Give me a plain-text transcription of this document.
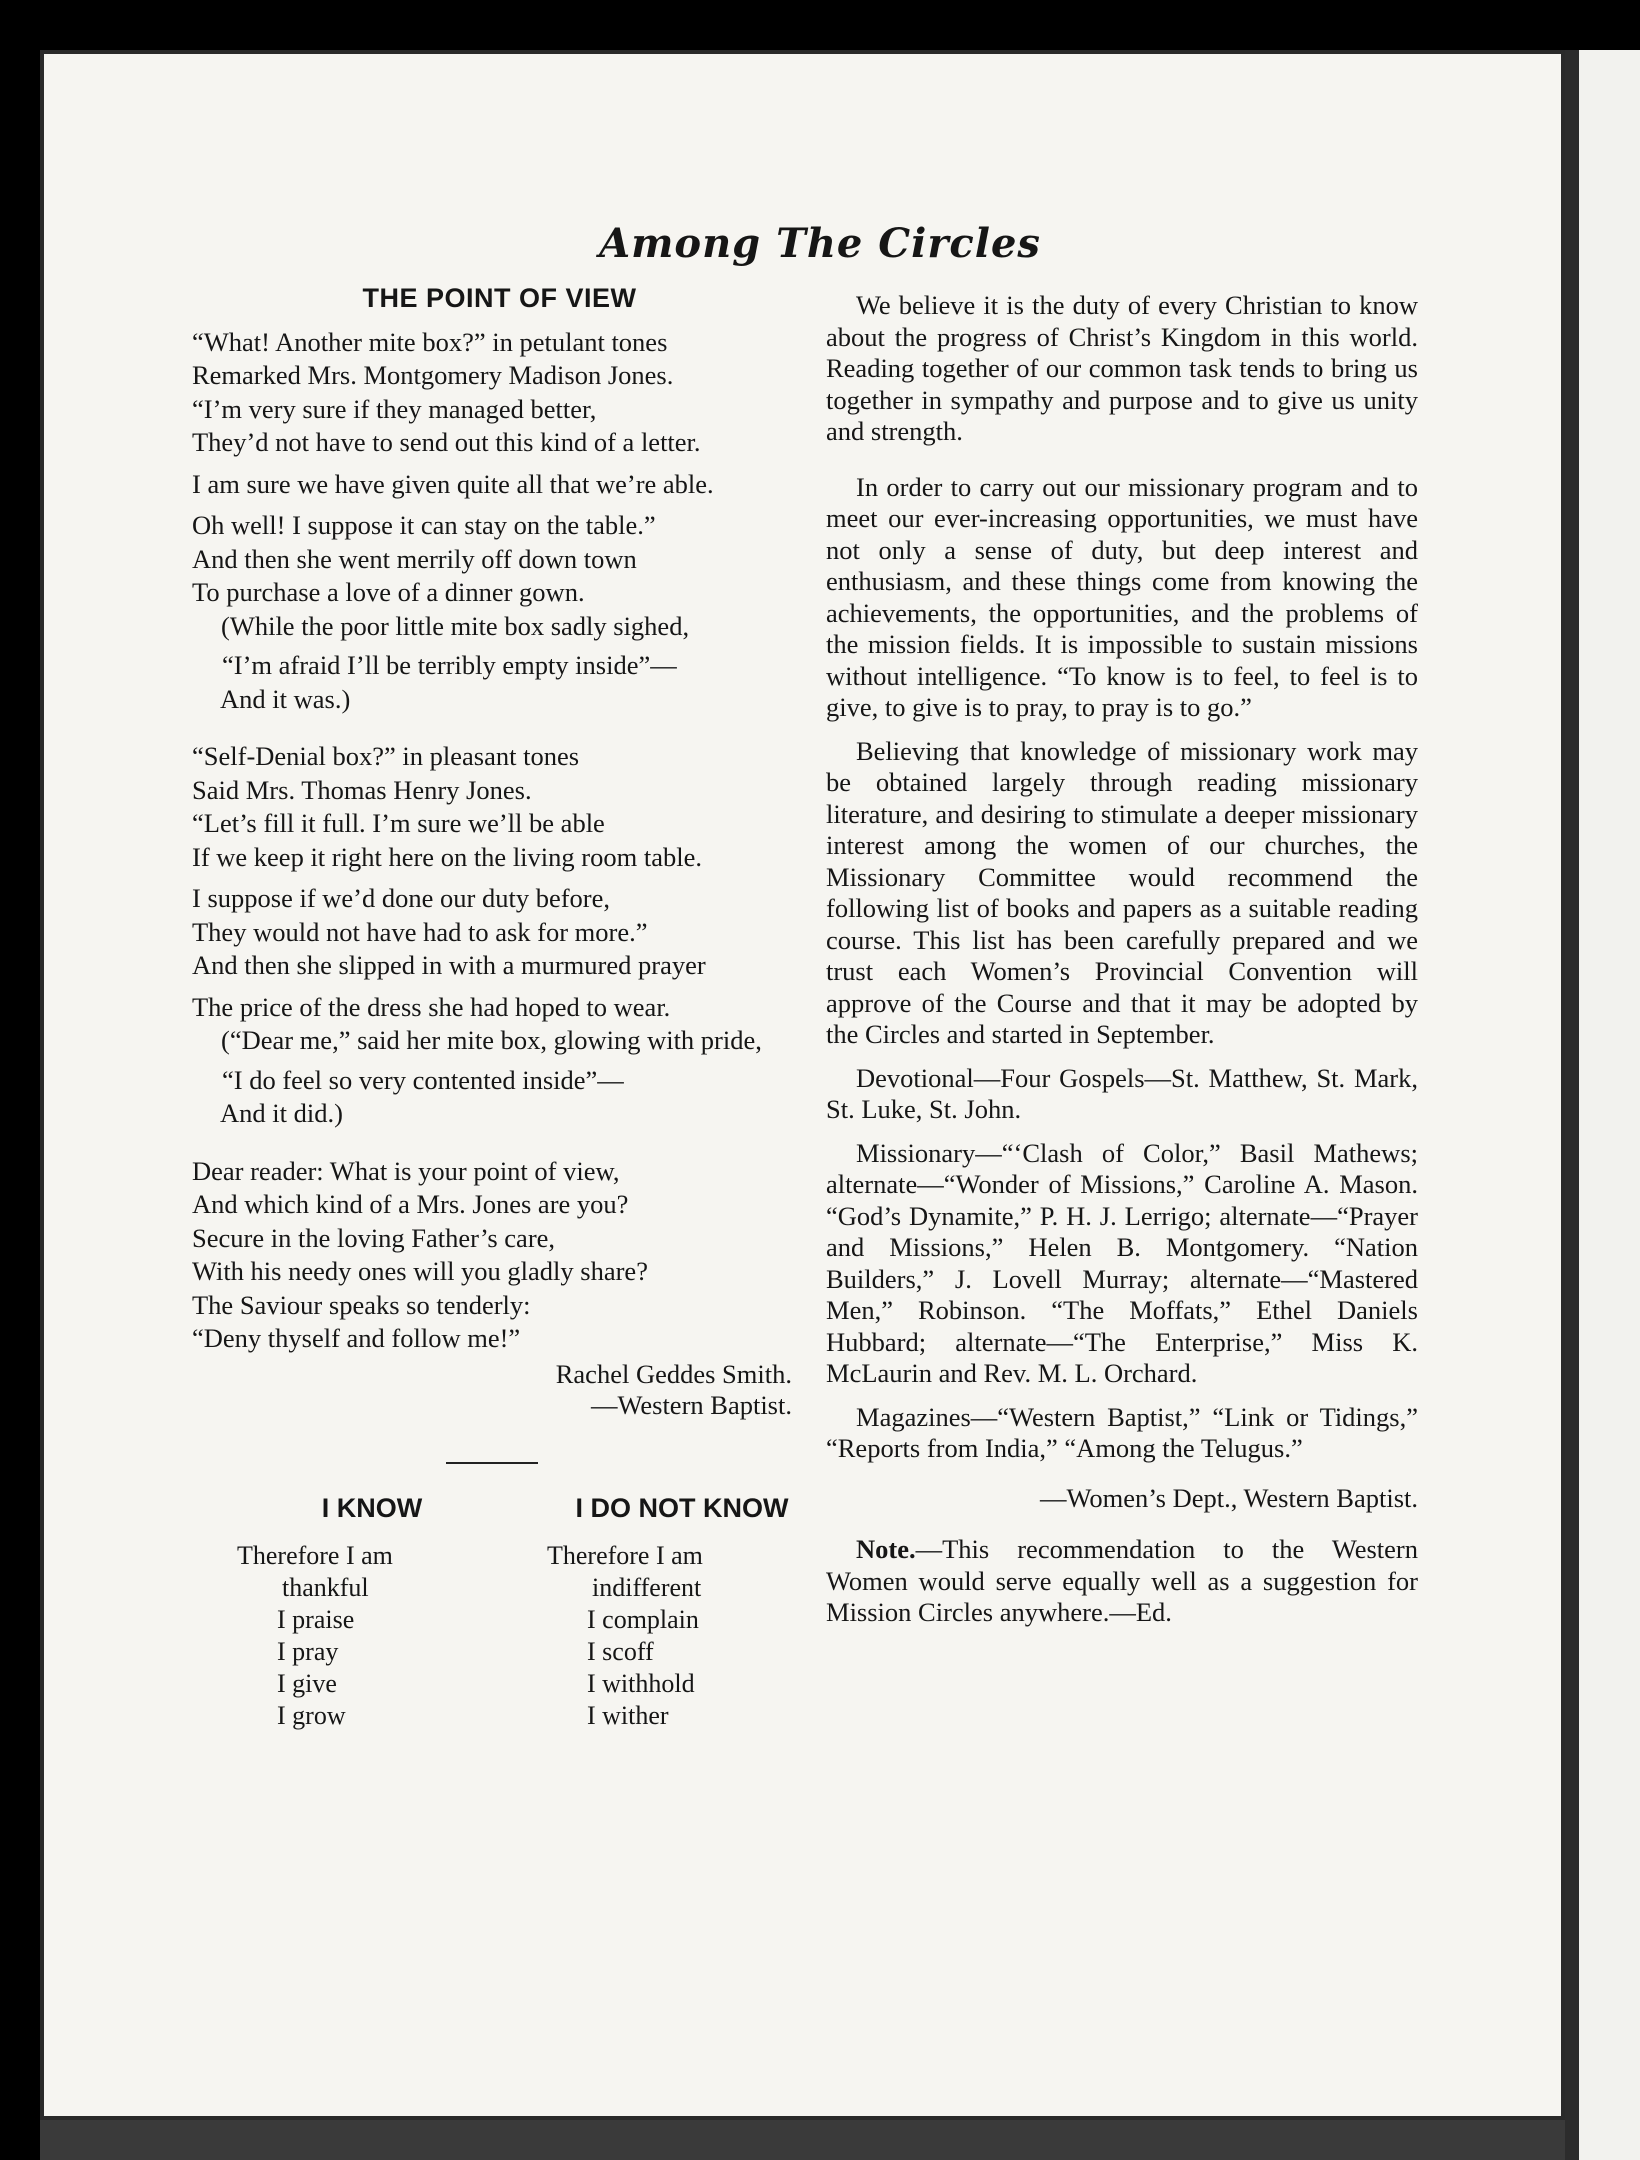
Among The Circles
THE POINT OF VIEW
“What! Another mite box?” in petulant tones
Remarked Mrs. Montgomery Madison Jones.
“I’m very sure if they managed better,
They’d not have to send out this kind of a letter.
I am sure we have given quite all that we’re able.
Oh well! I suppose it can stay on the table.”
And then she went merrily off down town
To purchase a love of a dinner gown.
(While the poor little mite box sadly sighed,
“I’m afraid I’ll be terribly empty inside”—
And it was.)
“Self-Denial box?” in pleasant tones
Said Mrs. Thomas Henry Jones.
“Let’s fill it full. I’m sure we’ll be able
If we keep it right here on the living room table.
I suppose if we’d done our duty before,
They would not have had to ask for more.”
And then she slipped in with a murmured prayer
The price of the dress she had hoped to wear.
(“Dear me,” said her mite box, glowing with pride,
“I do feel so very contented inside”—
And it did.)
Dear reader: What is your point of view,
And which kind of a Mrs. Jones are you?
Secure in the loving Father’s care,
With his needy ones will you gladly share?
The Saviour speaks so tenderly:
“Deny thyself and follow me!”
Rachel Geddes Smith.
—Western Baptist.
I KNOW
Therefore I am
thankful
I praise
I pray
I give
I grow
I DO NOT KNOW
Therefore I am
indifferent
I complain
I scoff
I withhold
I wither

We believe it is the duty of every Christian to know about the progress of Christ’s Kingdom in this world. Reading together of our common task tends to bring us together in sympathy and purpose and to give us unity and strength.

In order to carry out our missionary program and to meet our ever-increasing opportunities, we must have not only a sense of duty, but deep interest and enthusiasm, and these things come from knowing the achievements, the opportunities, and the problems of the mission fields. It is impossible to sustain missions without intelligence. “To know is to feel, to feel is to give, to give is to pray, to pray is to go.”

Believing that knowledge of missionary work may be obtained largely through reading missionary literature, and desiring to stimulate a deeper missionary interest among the women of our churches, the Missionary Committee would recommend the following list of books and papers as a suitable reading course. This list has been carefully prepared and we trust each Women’s Provincial Convention will approve of the Course and that it may be adopted by the Circles and started in September.

Devotional—Four Gospels—St. Matthew, St. Mark, St. Luke, St. John.

Missionary—“‘Clash of Color,” Basil Mathews; alternate—“Wonder of Missions,” Caroline A. Mason. “God’s Dynamite,” P. H. J. Lerrigo; alternate—“Prayer and Missions,” Helen B. Montgomery. “Nation Builders,” J. Lovell Murray; alternate—“Mastered Men,” Robinson. “The Moffats,” Ethel Daniels Hubbard; alternate—“The Enterprise,” Miss K. McLaurin and Rev. M. L. Orchard.

Magazines—“Western Baptist,” “Link or Tidings,” “Reports from India,” “Among the Telugus.”

—Women’s Dept., Western Baptist.

Note.—This recommendation to the Western Women would serve equally well as a suggestion for Mission Circles anywhere.—Ed.
